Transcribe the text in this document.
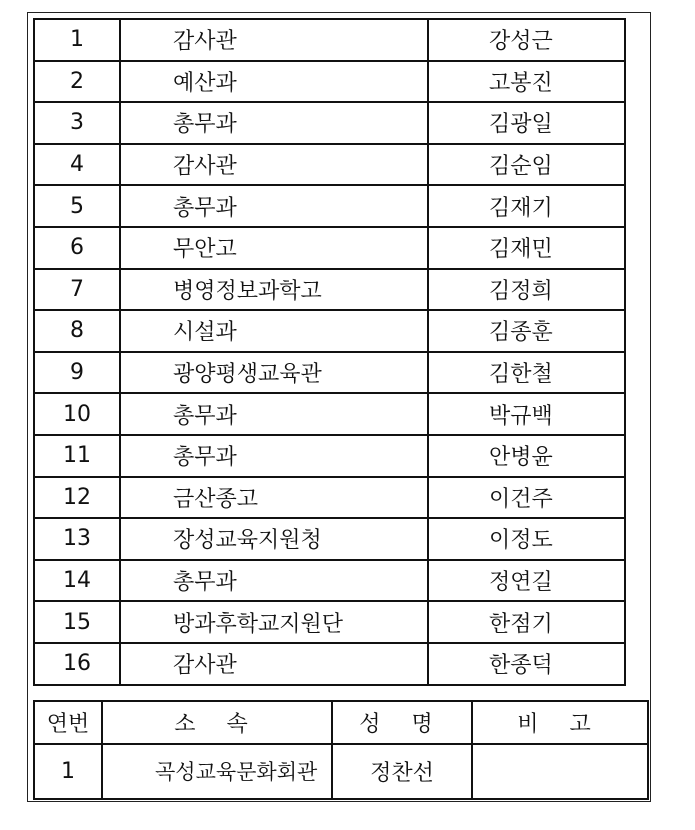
1	감사관	강성근
2	예산과	고봉진
3	총무과	김광일
4	감사관	김순임
5	총무과	김재기
6	무안고	김재민
7	병영정보과학고	김정희
8	시설과	김종훈
9	광양평생교육관	김한철
10	총무과	박규백
11	총무과	안병윤
12	금산종고	이건주
13	장성교육지원청	이정도
14	총무과	정연길
15	방과후학교지원단	한점기
16	감사관	한종덕
연번	소 속	성 명	비 고
1	곡성교육문화회관	정찬선	
